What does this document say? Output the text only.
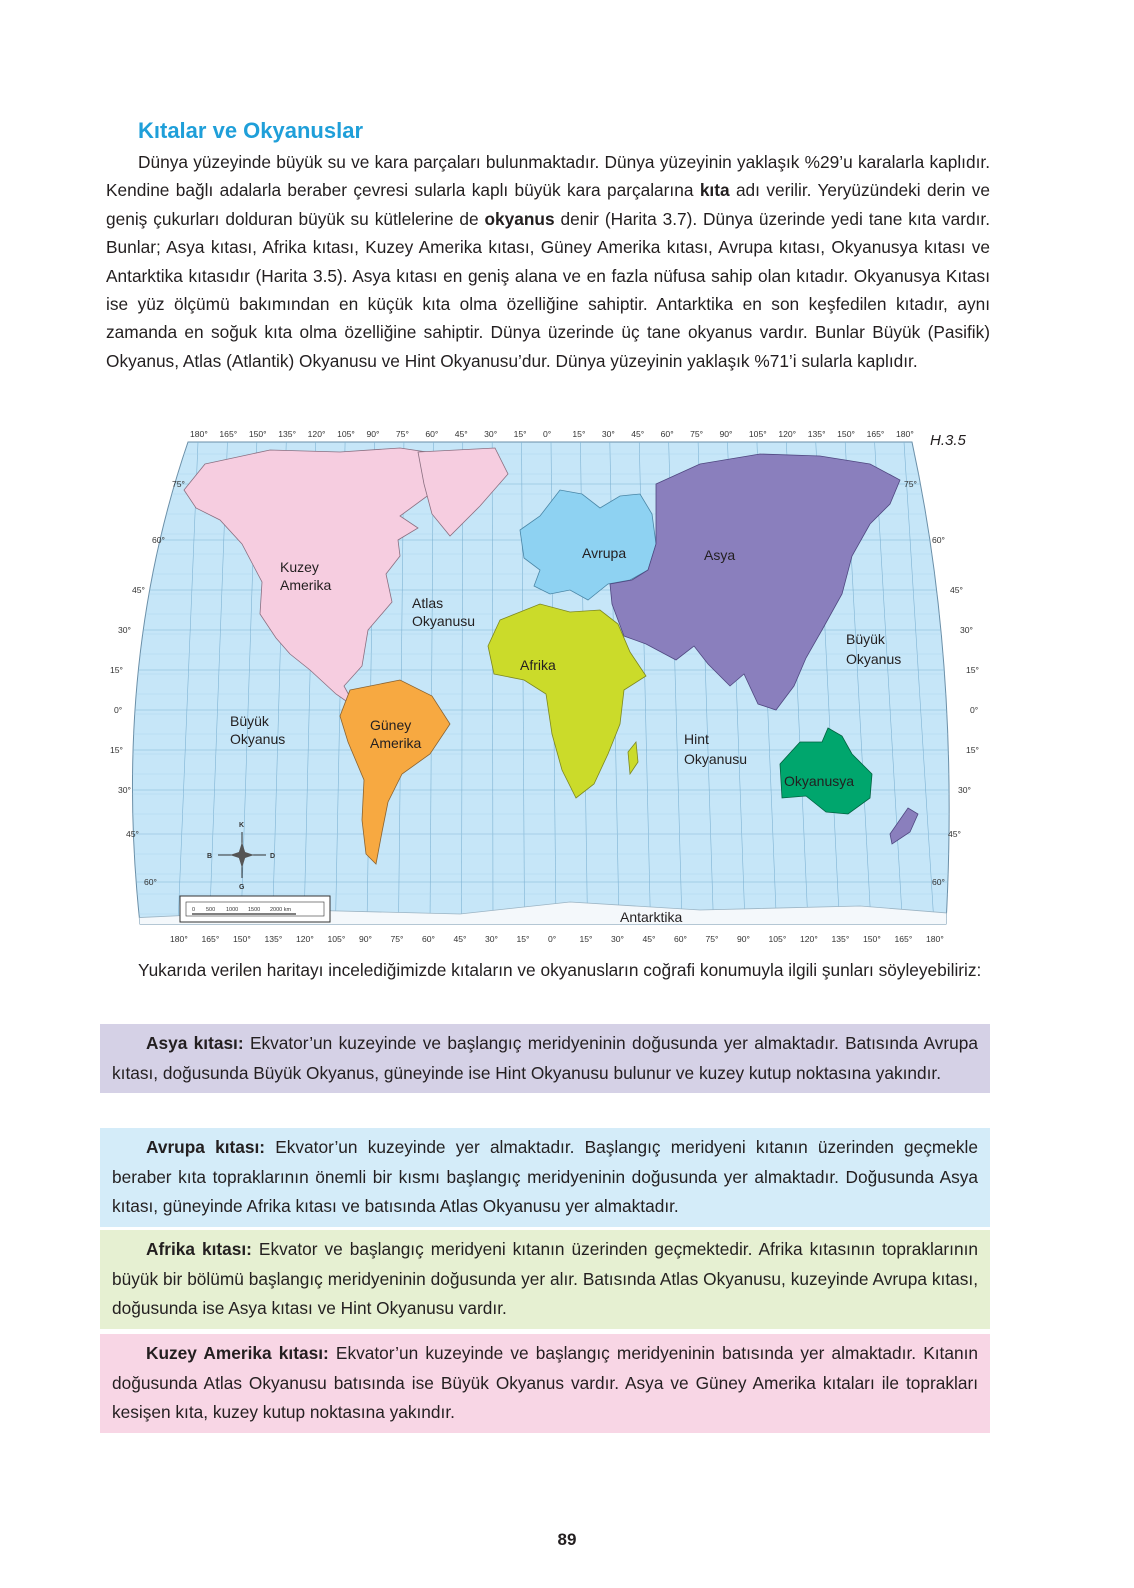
Kıtalar ve Okyanuslar

Dünya yüzeyinde büyük su ve kara parçaları bulunmaktadır. Dünya yüzeyinin yaklaşık %29’u karalarla kaplıdır. Kendine bağlı adalarla beraber çevresi sularla kaplı büyük kara parçalarına kıta adı verilir. Yeryüzündeki derin ve geniş çukurları dolduran büyük su kütlelerine de okyanus denir (Harita 3.7). Dünya üzerinde yedi tane kıta vardır. Bunlar; Asya kıtası, Afrika kıtası, Kuzey Amerika kıtası, Güney Amerika kıtası, Avrupa kıtası, Okyanusya kıtası ve Antarktika kıtasıdır (Harita 3.5). Asya kıtası en geniş alana ve en fazla nüfusa sahip olan kıtadır. Okyanusya Kıtası ise yüz ölçümü bakımından en küçük kıta olma özelliğine sahiptir. Antarktika en son keşfedilen kıtadır, aynı zamanda en soğuk kıta olma özelliğine sahiptir. Dünya üzerinde üç tane okyanus vardır. Bunlar Büyük (Pasifik) Okyanus, Atlas (Atlantik) Okyanusu ve Hint Okyanusu’dur. Dünya yüzeyinin yaklaşık %71’i sularla kaplıdır.

H.3.5
180° 165° 150° 135° 120° 105° 90° 75° 60° 45° 30° 15° 0° 15° 30° 45° 60° 75° 90° 105° 120° 135° 150° 165° 180°
180° 165° 150° 135° 120° 105° 90° 75° 60° 45° 30° 15° 0°	15° 30° 45° 60° 75° 90° 105° 120° 135° 150° 165° 180°
75°
60°
45°
30°
15°
0°
15°
30°
45°
60°
75°
60°
45°
30°
15°
0°
15°
30°
45°
60°
Kuzey
Amerika
Güney
Amerika
Avrupa	Asya
Afrika
Okyanusya
Antarktika
Atlas
Okyanusu
Büyük
Okyanus
Büyük
Okyanus
Hint
Okyanusu
K
G
D
B
0 500 1000 1500 2000 km

Yukarıda verilen haritayı incelediğimizde kıtaların ve okyanusların coğrafi konumuyla ilgili şunları söyleyebiliriz:

Asya kıtası: Ekvator’un kuzeyinde ve başlangıç meridyeninin doğusunda yer almaktadır. Batısında Avrupa kıtası, doğusunda Büyük Okyanus, güneyinde ise Hint Okyanusu bulunur ve kuzey kutup noktasına yakındır.

Avrupa kıtası: Ekvator’un kuzeyinde yer almaktadır. Başlangıç meridyeni kıtanın üzerinden geçmekle beraber kıta topraklarının önemli bir kısmı başlangıç meridyeninin doğusunda yer almaktadır. Doğusunda Asya kıtası, güneyinde Afrika kıtası ve batısında Atlas Okyanusu yer almaktadır.

Afrika kıtası: Ekvator ve başlangıç meridyeni kıtanın üzerinden geçmektedir. Afrika kıtasının topraklarının büyük bir bölümü başlangıç meridyeninin doğusunda yer alır. Batısında Atlas Okyanusu, kuzeyinde Avrupa kıtası, doğusunda ise Asya kıtası ve Hint Okyanusu vardır.

Kuzey Amerika kıtası: Ekvator’un kuzeyinde ve başlangıç meridyeninin batısında yer almaktadır. Kıtanın doğusunda Atlas Okyanusu batısında ise Büyük Okyanus vardır. Asya ve Güney Amerika kıtaları ile toprakları kesişen kıta, kuzey kutup noktasına yakındır.

89
